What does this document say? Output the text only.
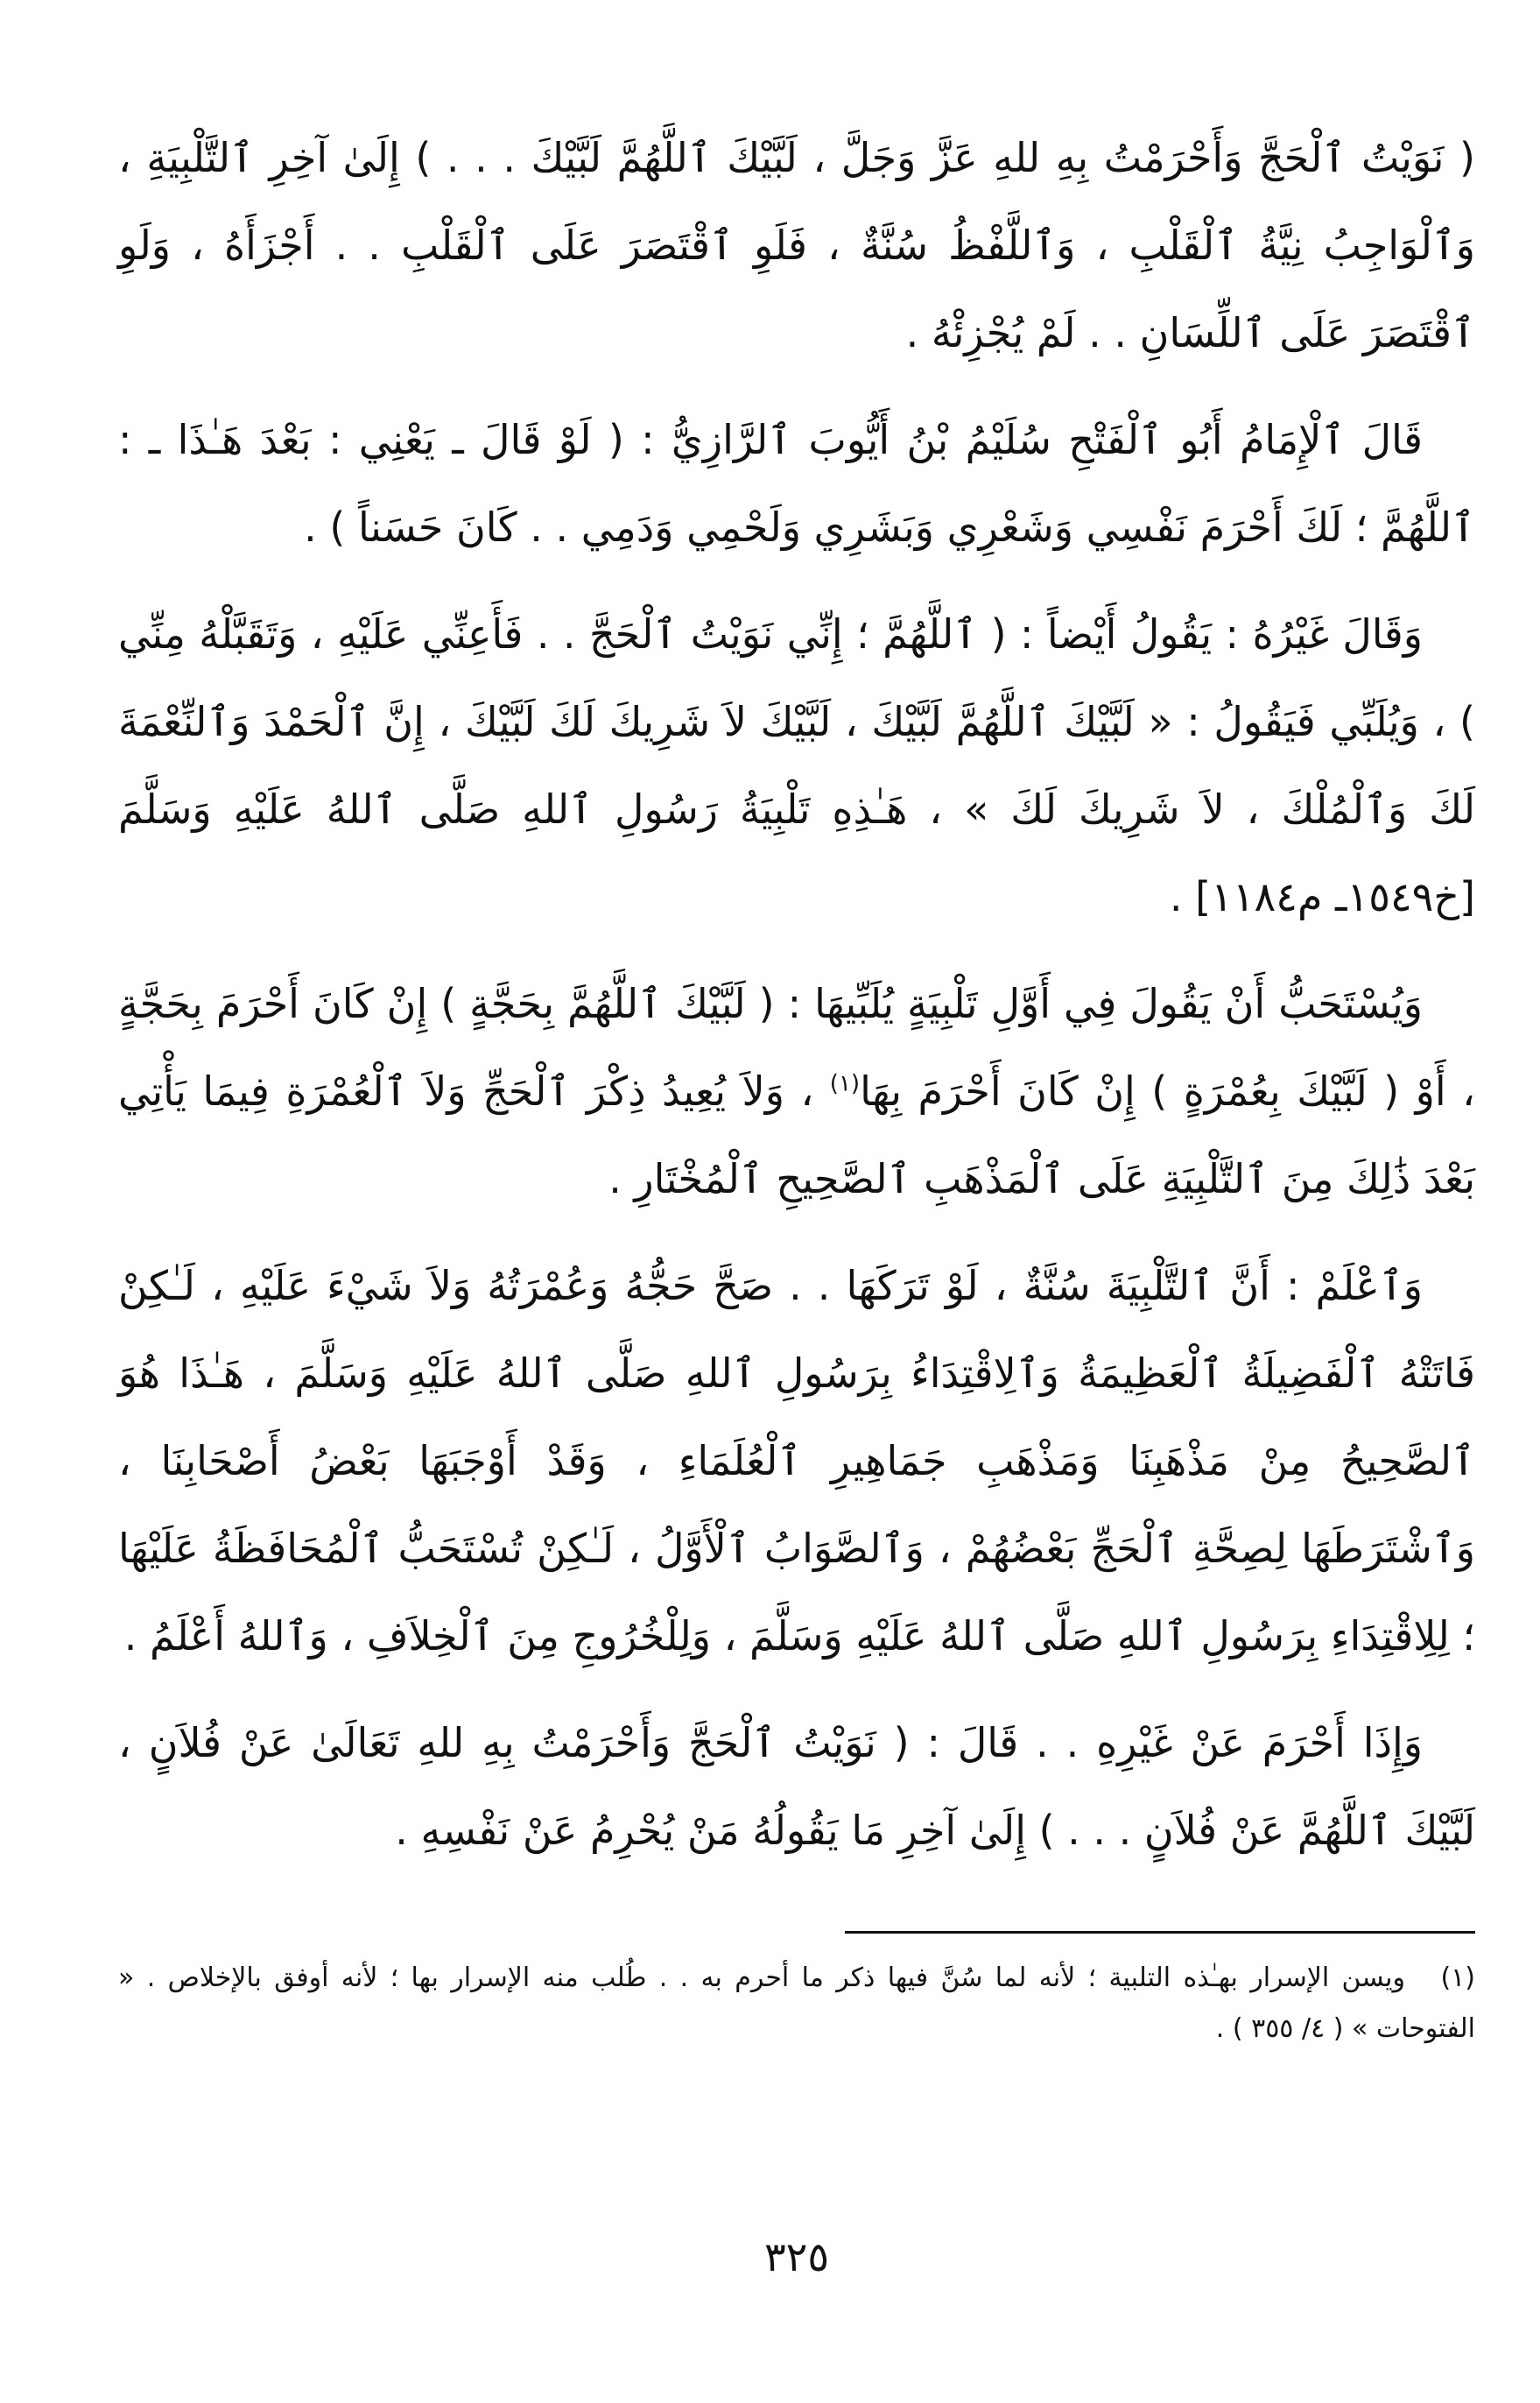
( نَوَيْتُ ٱلْحَجَّ وَأَحْرَمْتُ بِهِ للهِ عَزَّ وَجَلَّ ، لَبَّيْكَ ٱللَّهُمَّ لَبَّيْكَ . . . ) إِلَىٰ آخِرِ ٱلتَّلْبِيَةِ ، وَٱلْوَاجِبُ نِيَّةُ ٱلْقَلْبِ ، وَٱللَّفْظُ سُنَّةٌ ، فَلَوِ ٱقْتَصَرَ عَلَى ٱلْقَلْبِ . . أَجْزَأَهُ ، وَلَوِ ٱقْتَصَرَ عَلَى ٱللِّسَانِ . . لَمْ يُجْزِئْهُ .

قَالَ ٱلْإِمَامُ أَبُو ٱلْفَتْحِ سُلَيْمُ بْنُ أَيُّوبَ ٱلرَّازِيُّ : ( لَوْ قَالَ ـ يَعْنِي : بَعْدَ هَـٰذَا ـ : ٱللَّهُمَّ ؛ لَكَ أَحْرَمَ نَفْسِي وَشَعْرِي وَبَشَرِي وَلَحْمِي وَدَمِي . . كَانَ حَسَناً ) .

وَقَالَ غَيْرُهُ : يَقُولُ أَيْضاً : ( ٱللَّهُمَّ ؛ إِنِّي نَوَيْتُ ٱلْحَجَّ . . فَأَعِنِّي عَلَيْهِ ، وَتَقَبَّلْهُ مِنِّي ) ، وَيُلَبِّي فَيَقُولُ : « لَبَّيْكَ ٱللَّهُمَّ لَبَّيْكَ ، لَبَّيْكَ لاَ شَرِيكَ لَكَ لَبَّيْكَ ، إِنَّ ٱلْحَمْدَ وَٱلنِّعْمَةَ لَكَ وَٱلْمُلْكَ ، لاَ شَرِيكَ لَكَ » ، هَـٰذِهِ تَلْبِيَةُ رَسُولِ ٱللهِ صَلَّى ٱللهُ عَلَيْهِ وَسَلَّمَ [خ١٥٤٩ـ م١١٨٤] .

وَيُسْتَحَبُّ أَنْ يَقُولَ فِي أَوَّلِ تَلْبِيَةٍ يُلَبِّيهَا : ( لَبَّيْكَ ٱللَّهُمَّ بِحَجَّةٍ ) إِنْ كَانَ أَحْرَمَ بِحَجَّةٍ ، أَوْ ( لَبَّيْكَ بِعُمْرَةٍ ) إِنْ كَانَ أَحْرَمَ بِهَا$^{(١)}$ ، وَلاَ يُعِيدُ ذِكْرَ ٱلْحَجِّ وَلاَ ٱلْعُمْرَةِ فِيمَا يَأْتِي بَعْدَ ذَٰلِكَ مِنَ ٱلتَّلْبِيَةِ عَلَى ٱلْمَذْهَبِ ٱلصَّحِيحِ ٱلْمُخْتَارِ .

وَٱعْلَمْ : أَنَّ ٱلتَّلْبِيَةَ سُنَّةٌ ، لَوْ تَرَكَهَا . . صَحَّ حَجُّهُ وَعُمْرَتُهُ وَلاَ شَيْءَ عَلَيْهِ ، لَـٰكِنْ فَاتَتْهُ ٱلْفَضِيلَةُ ٱلْعَظِيمَةُ وَٱلِاقْتِدَاءُ بِرَسُولِ ٱللهِ صَلَّى ٱللهُ عَلَيْهِ وَسَلَّمَ ، هَـٰذَا هُوَ ٱلصَّحِيحُ مِنْ مَذْهَبِنَا وَمَذْهَبِ جَمَاهِيرِ ٱلْعُلَمَاءِ ، وَقَدْ أَوْجَبَهَا بَعْضُ أَصْحَابِنَا ، وَٱشْتَرَطَهَا لِصِحَّةِ ٱلْحَجِّ بَعْضُهُمْ ، وَٱلصَّوَابُ ٱلْأَوَّلُ ، لَـٰكِنْ تُسْتَحَبُّ ٱلْمُحَافَظَةُ عَلَيْهَا ؛ لِلِاقْتِدَاءِ بِرَسُولِ ٱللهِ صَلَّى ٱللهُ عَلَيْهِ وَسَلَّمَ ، وَلِلْخُرُوجِ مِنَ ٱلْخِلاَفِ ، وَٱللهُ أَعْلَمُ .

وَإِذَا أَحْرَمَ عَنْ غَيْرِهِ . . قَالَ : ( نَوَيْتُ ٱلْحَجَّ وَأَحْرَمْتُ بِهِ للهِ تَعَالَىٰ عَنْ فُلاَنٍ ، لَبَّيْكَ ٱللَّهُمَّ عَنْ فُلاَنٍ . . . ) إِلَىٰ آخِرِ مَا يَقُولُهُ مَنْ يُحْرِمُ عَنْ نَفْسِهِ .

(١)ويسن الإسرار بهـٰذه التلبية ؛ لأنه لما سُنَّ فيها ذكر ما أحرم به . . طُلب منه الإسرار بها ؛ لأنه أوفق بالإخلاص . « الفتوحات » ( ٤/ ٣٥٥ ) .

٣٢٥
